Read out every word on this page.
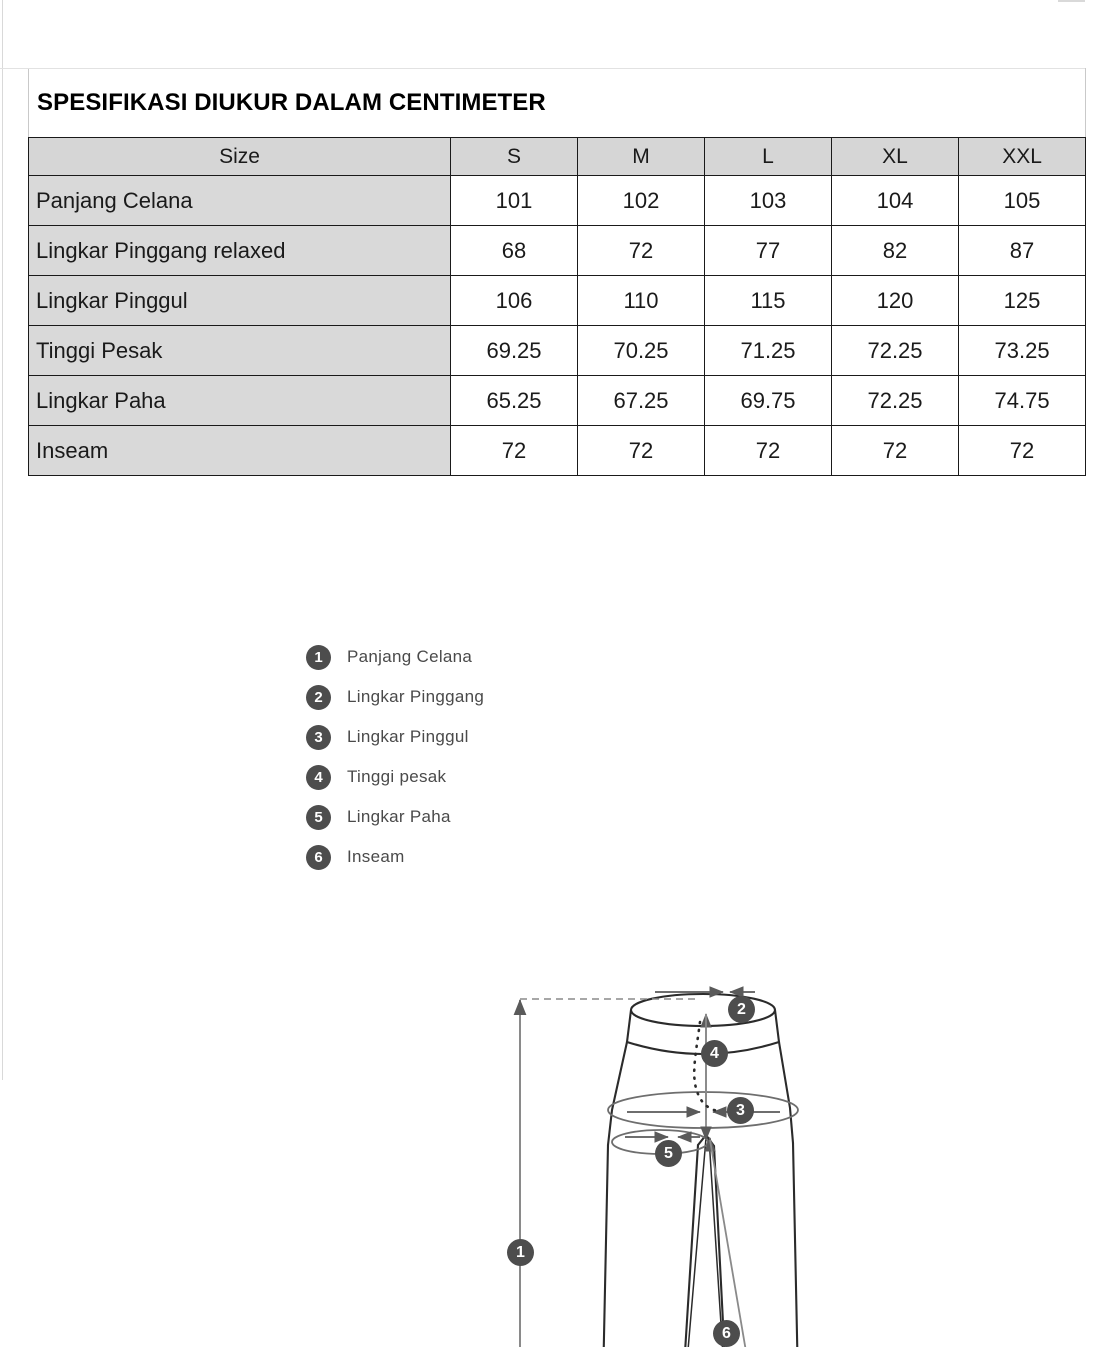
SPESIFIKASI DIUKUR DALAM CENTIMETER					
Size	S	M	L	XL	XXL
Panjang Celana	101	102	103	104	105
Lingkar Pinggang relaxed	68	72	77	82	87
Lingkar Pinggul	106	110	115	120	125
Tinggi Pesak	69.25	70.25	71.25	72.25	73.25
Lingkar Paha	65.25	67.25	69.75	72.25	74.75
Inseam	72	72	72	72	72
2
4
3
5
6
1
1	Panjang Celana
2	Lingkar Pinggang
3	Lingkar Pinggul
4	Tinggi pesak
5	Lingkar Paha
6	Inseam
